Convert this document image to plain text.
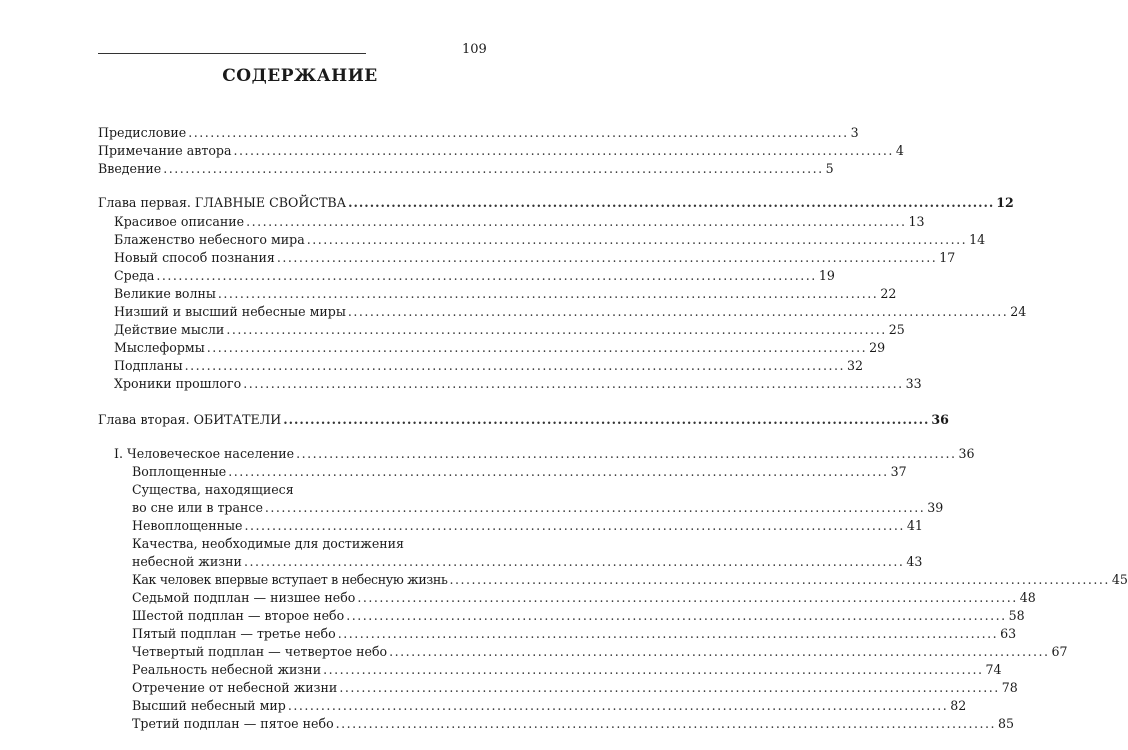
109
СОДЕРЖАНИЕ
Предисловие ........................................................................................................................ 3
Примечание автора ........................................................................................................................ 4
Введение ........................................................................................................................ 5
Глава первая. ГЛАВНЫЕ СВОЙСТВА ........................................................................................................................ 12
Красивое описание ........................................................................................................................ 13
Блаженство небесного мира ........................................................................................................................ 14
Новый способ познания ........................................................................................................................ 17
Среда ........................................................................................................................ 19
Великие волны ........................................................................................................................ 22
Низший и высший небесные миры ........................................................................................................................ 24
Действие мысли ........................................................................................................................ 25
Мыслеформы ........................................................................................................................ 29
Подпланы ........................................................................................................................ 32
Хроники прошлого ........................................................................................................................ 33
Глава вторая. ОБИТАТЕЛИ ........................................................................................................................ 36
I. Человеческое население ........................................................................................................................ 36
Воплощенные ........................................................................................................................ 37
Существа, находящиеся
во сне или в трансе ........................................................................................................................ 39
Невоплощенные ........................................................................................................................ 41
Качества, необходимые для достижения
небесной жизни ........................................................................................................................ 43
Как человек впервые вступает в небесную жизнь ........................................................................................................................ 45
Седьмой подплан — низшее небо ........................................................................................................................ 48
Шестой подплан — второе небо ........................................................................................................................ 58
Пятый подплан — третье небо ........................................................................................................................ 63
Четвертый подплан — четвертое небо ........................................................................................................................ 67
Реальность небесной жизни ........................................................................................................................ 74
Отречение от небесной жизни ........................................................................................................................ 78
Высший небесный мир ........................................................................................................................ 82
Третий подплан — пятое небо ........................................................................................................................ 85
